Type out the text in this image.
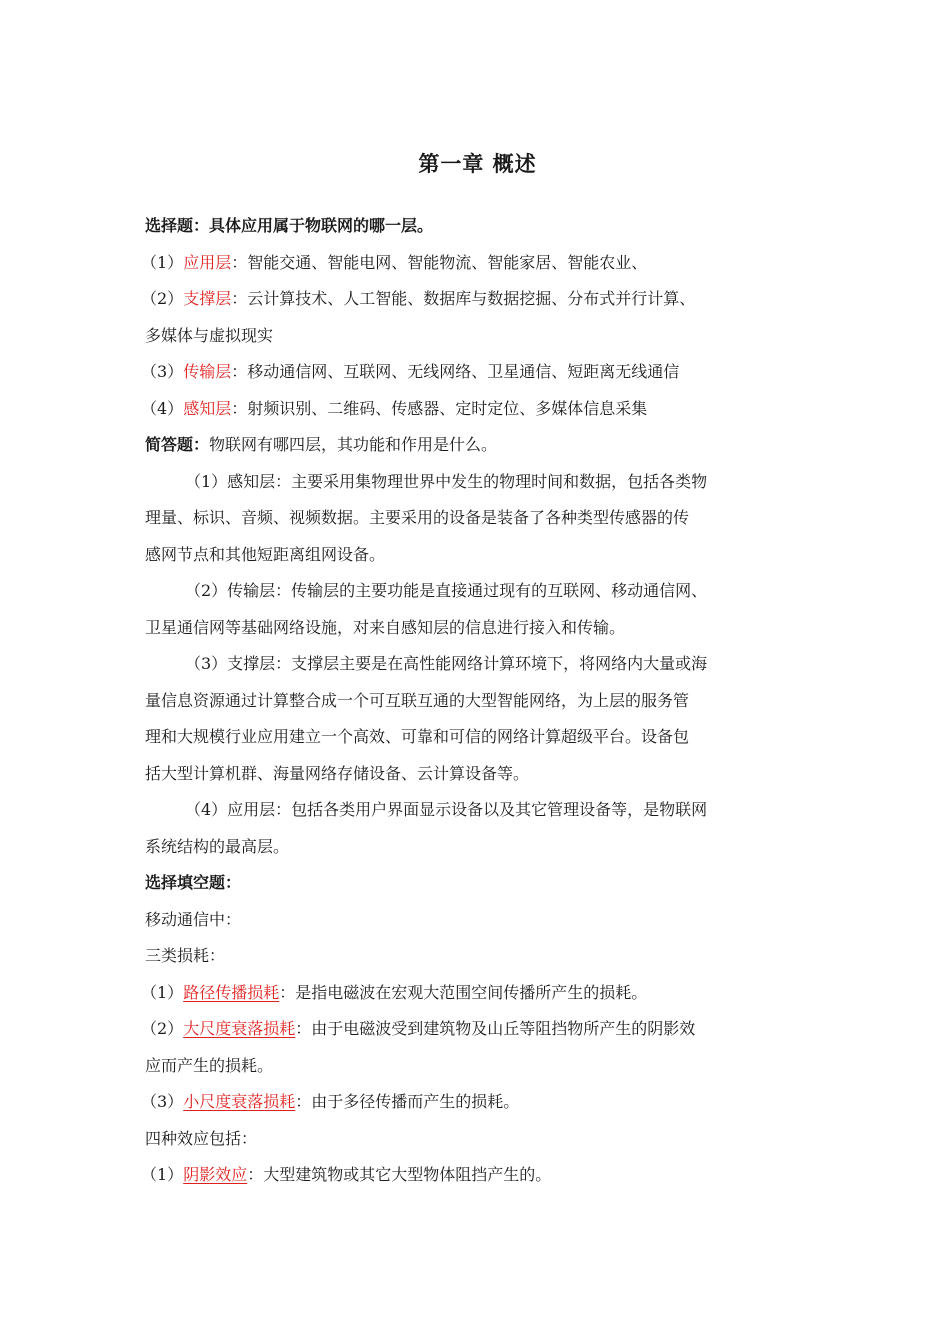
第一章 概述

选择题：具体应用属于物联网的哪一层。

（1）应用层：智能交通、智能电网、智能物流、智能家居、智能农业、

（2）支撑层：云计算技术、人工智能、数据库与数据挖掘、分布式并行计算、

多媒体与虚拟现实

（3）传输层：移动通信网、互联网、无线网络、卫星通信、短距离无线通信

（4）感知层：射频识别、二维码、传感器、定时定位、多媒体信息采集

简答题：物联网有哪四层，其功能和作用是什么。

（1）感知层：主要采用集物理世界中发生的物理时间和数据，包括各类物

理量、标识、音频、视频数据。主要采用的设备是装备了各种类型传感器的传

感网节点和其他短距离组网设备。

（2）传输层：传输层的主要功能是直接通过现有的互联网、移动通信网、

卫星通信网等基础网络设施，对来自感知层的信息进行接入和传输。

（3）支撑层：支撑层主要是在高性能网络计算环境下，将网络内大量或海

量信息资源通过计算整合成一个可互联互通的大型智能网络，为上层的服务管

理和大规模行业应用建立一个高效、可靠和可信的网络计算超级平台。设备包

括大型计算机群、海量网络存储设备、云计算设备等。

（4）应用层：包括各类用户界面显示设备以及其它管理设备等，是物联网

系统结构的最高层。

选择填空题：

移动通信中：

三类损耗：

（1）路径传播损耗：是指电磁波在宏观大范围空间传播所产生的损耗。

（2）大尺度衰落损耗：由于电磁波受到建筑物及山丘等阻挡物所产生的阴影效

应而产生的损耗。

（3）小尺度衰落损耗：由于多径传播而产生的损耗。

四种效应包括：

（1）阴影效应：大型建筑物或其它大型物体阻挡产生的。
